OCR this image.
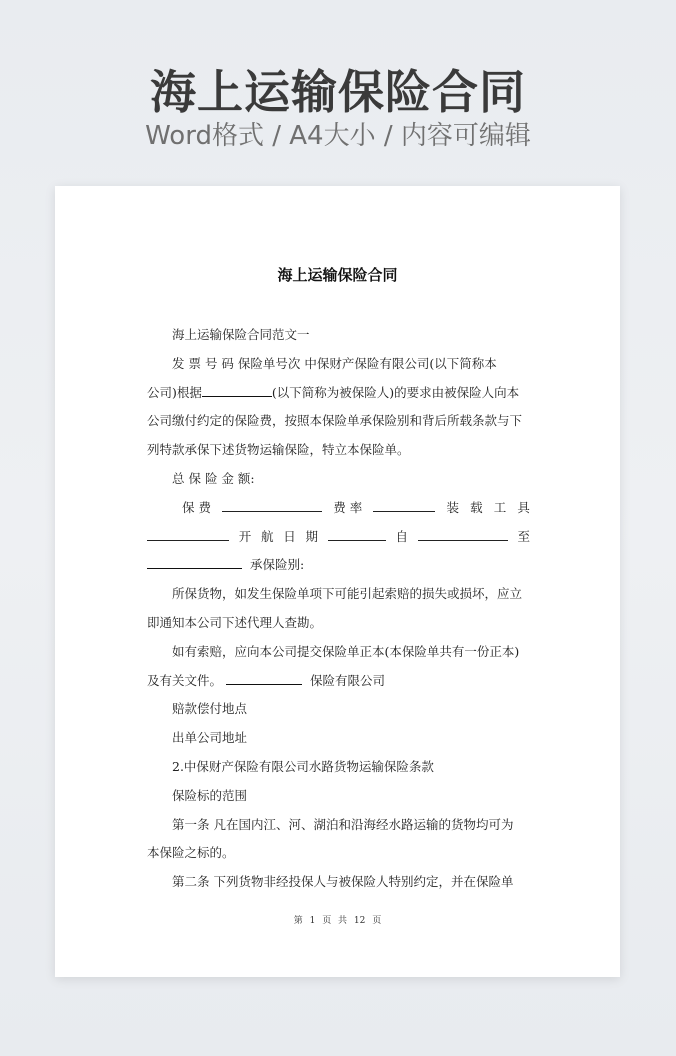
海上运输保险合同
Word格式 / A4大小 / 内容可编辑
海上运输保险合同
海上运输保险合同范文一
发 票 号 码 保险单号次 中保财产保险有限公司(以下简称本
公司)根据	(以下简称为被保险人)的要求由被保险人向本
公司缴付约定的保险费，按照本保险单承保险别和背后所载条款与下
列特款承保下述货物运输保险，特立本保险单。
总 保 险 金 额:
保 费	费 率	装 载 工 具
开 航 日 期	自	至
承保险别:
所保货物，如发生保险单项下可能引起索赔的损失或损坏，应立
即通知本公司下述代理人查勘。
如有索赔，应向本公司提交保险单正本(本保险单共有一份正本)
及有关文件。	保险有限公司
赔款偿付地点
出单公司地址
2.中保财产保险有限公司水路货物运输保险条款
保险标的范围
第一条 凡在国内江、河、湖泊和沿海经水路运输的货物均可为
本保险之标的。
第二条 下列货物非经投保人与被保险人特别约定，并在保险单
第 1 页 共 12 页
